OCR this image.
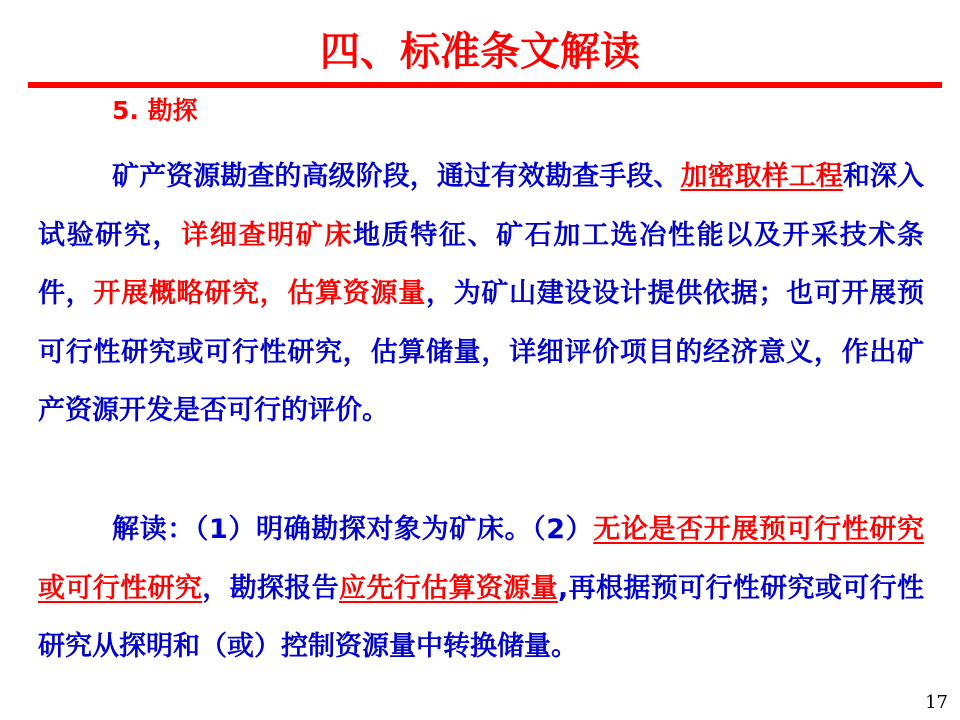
四、标准条文解读
5. 勘探

矿产资源勘查的高级阶段，通过有效勘查手段、加密取样工程和深入试验研究，详细查明矿床地质特征、矿石加工选冶性能以及开采技术条件，开展概略研究，估算资源量，为矿山建设设计提供依据；也可开展预可行性研究或可行性研究，估算储量，详细评价项目的经济意义，作出矿产资源开发是否可行的评价。

解读：（1）明确勘探对象为矿床。（2）无论是否开展预可行性研究或可行性研究，勘探报告应先行估算资源量,再根据预可行性研究或可行性研究从探明和（或）控制资源量中转换储量。

17
